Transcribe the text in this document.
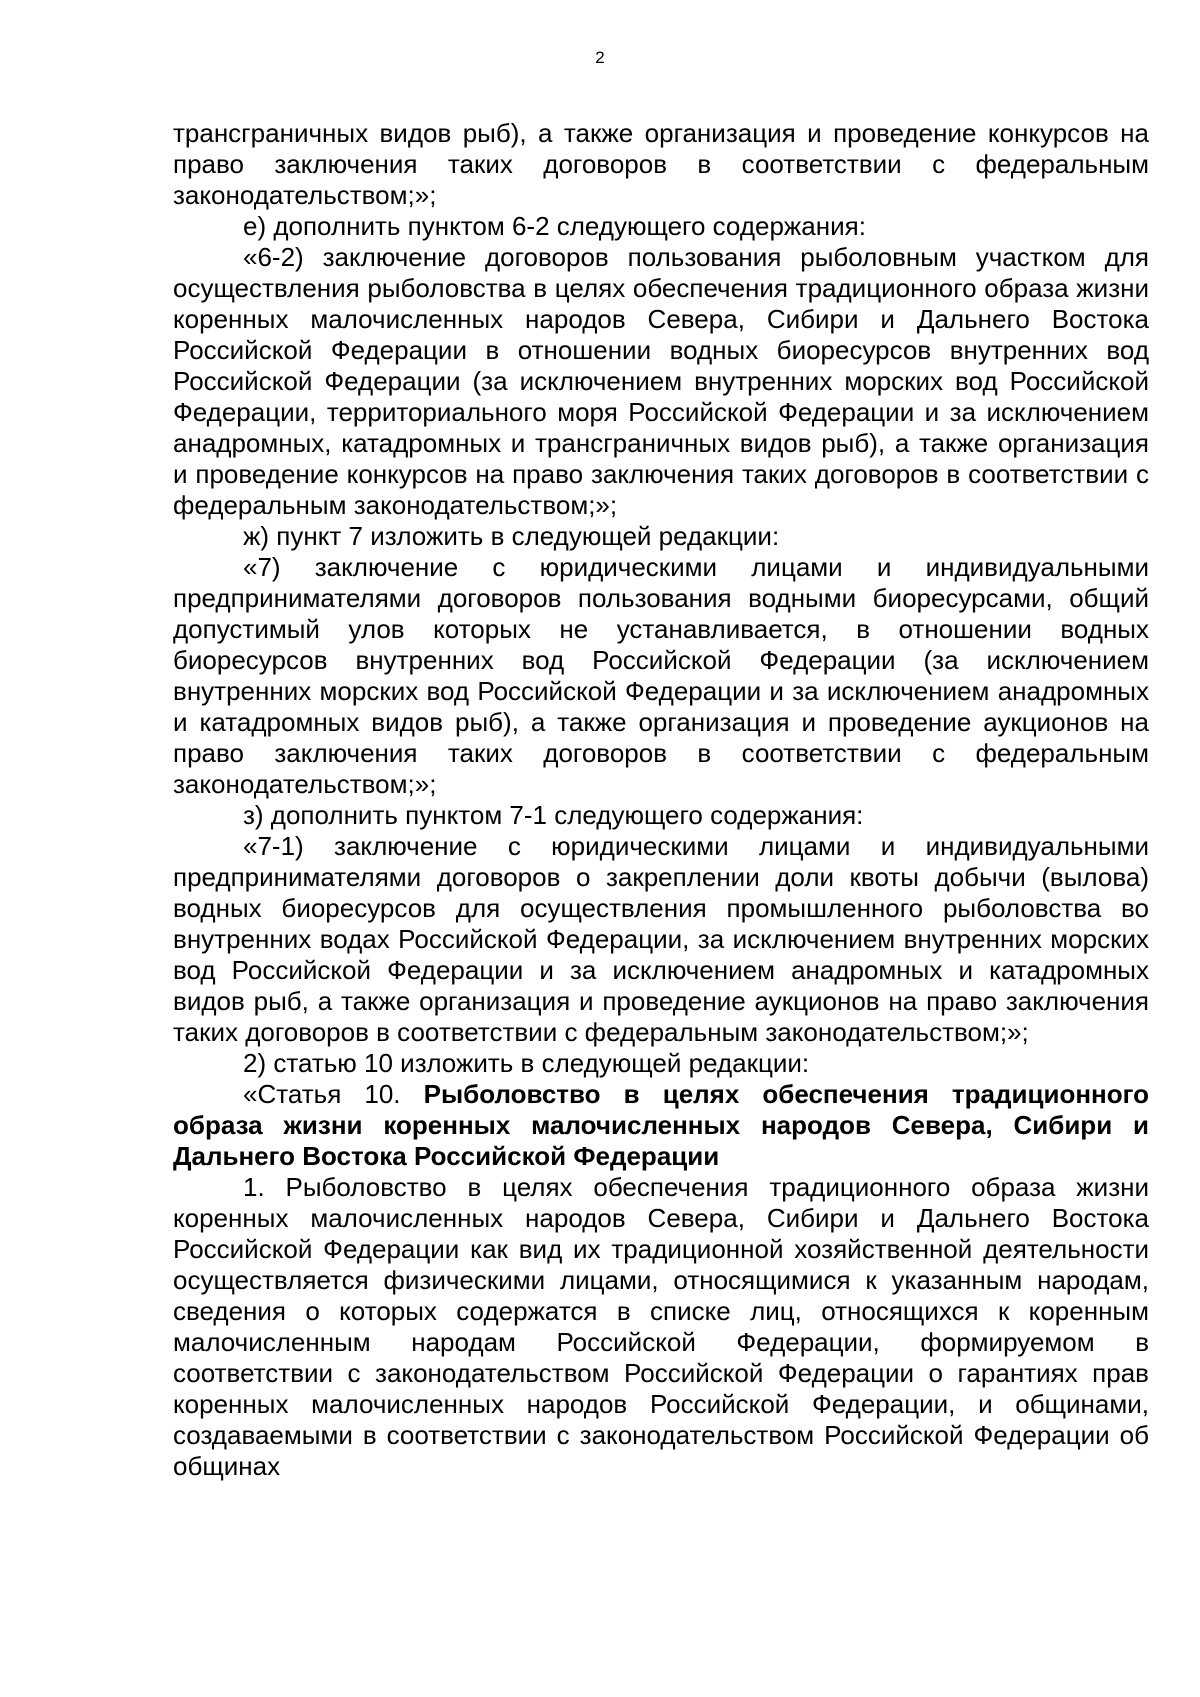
2

трансграничных видов рыб), а также организация и проведение конкурсов на право заключения таких договоров в соответствии с федеральным законодательством;»;

е) дополнить пунктом 6-2 следующего содержания:

«6-2) заключение договоров пользования рыболовным участком для осуществления рыболовства в целях обеспечения традиционного образа жизни коренных малочисленных народов Севера, Сибири и Дальнего Востока Российской Федерации в отношении водных биоресурсов внутренних вод Российской Федерации (за исключением внутренних морских вод Российской Федерации, территориального моря Российской Федерации и за исключением анадромных, катадромных и трансграничных видов рыб), а также организация и проведение конкурсов на право заключения таких договоров в соответствии с федеральным законодательством;»;

ж) пункт 7 изложить в следующей редакции:

«7) заключение с юридическими лицами и индивидуальными предпринимателями договоров пользования водными биоресурсами, общий допустимый улов которых не устанавливается, в отношении водных биоресурсов внутренних вод Российской Федерации (за исключением внутренних морских вод Российской Федерации и за исключением анадромных и катадромных видов рыб), а также организация и проведение аукционов на право заключения таких договоров в соответствии с федеральным законодательством;»;

з) дополнить пунктом 7-1 следующего содержания:

«7-1) заключение с юридическими лицами и индивидуальными предпринимателями договоров о закреплении доли квоты добычи (вылова) водных биоресурсов для осуществления промышленного рыболовства во внутренних водах Российской Федерации, за исключением внутренних морских вод Российской Федерации и за исключением анадромных и катадромных видов рыб, а также организация и проведение аукционов на право заключения таких договоров в соответствии с федеральным законодательством;»;

2) статью 10 изложить в следующей редакции:

«Статья 10. Рыболовство в целях обеспечения традиционного образа жизни коренных малочисленных народов Севера, Сибири и Дальнего Востока Российской Федерации

1. Рыболовство в целях обеспечения традиционного образа жизни коренных малочисленных народов Севера, Сибири и Дальнего Востока Российской Федерации как вид их традиционной хозяйственной деятельности осуществляется физическими лицами, относящимися к указанным народам, сведения о которых содержатся в списке лиц, относящихся к коренным малочисленным народам Российской Федерации, формируемом в соответствии с законодательством Российской Федерации о гарантиях прав коренных малочисленных народов Российской Федерации, и общинами, создаваемыми в соответствии с законодательством Российской Федерации об общинах
